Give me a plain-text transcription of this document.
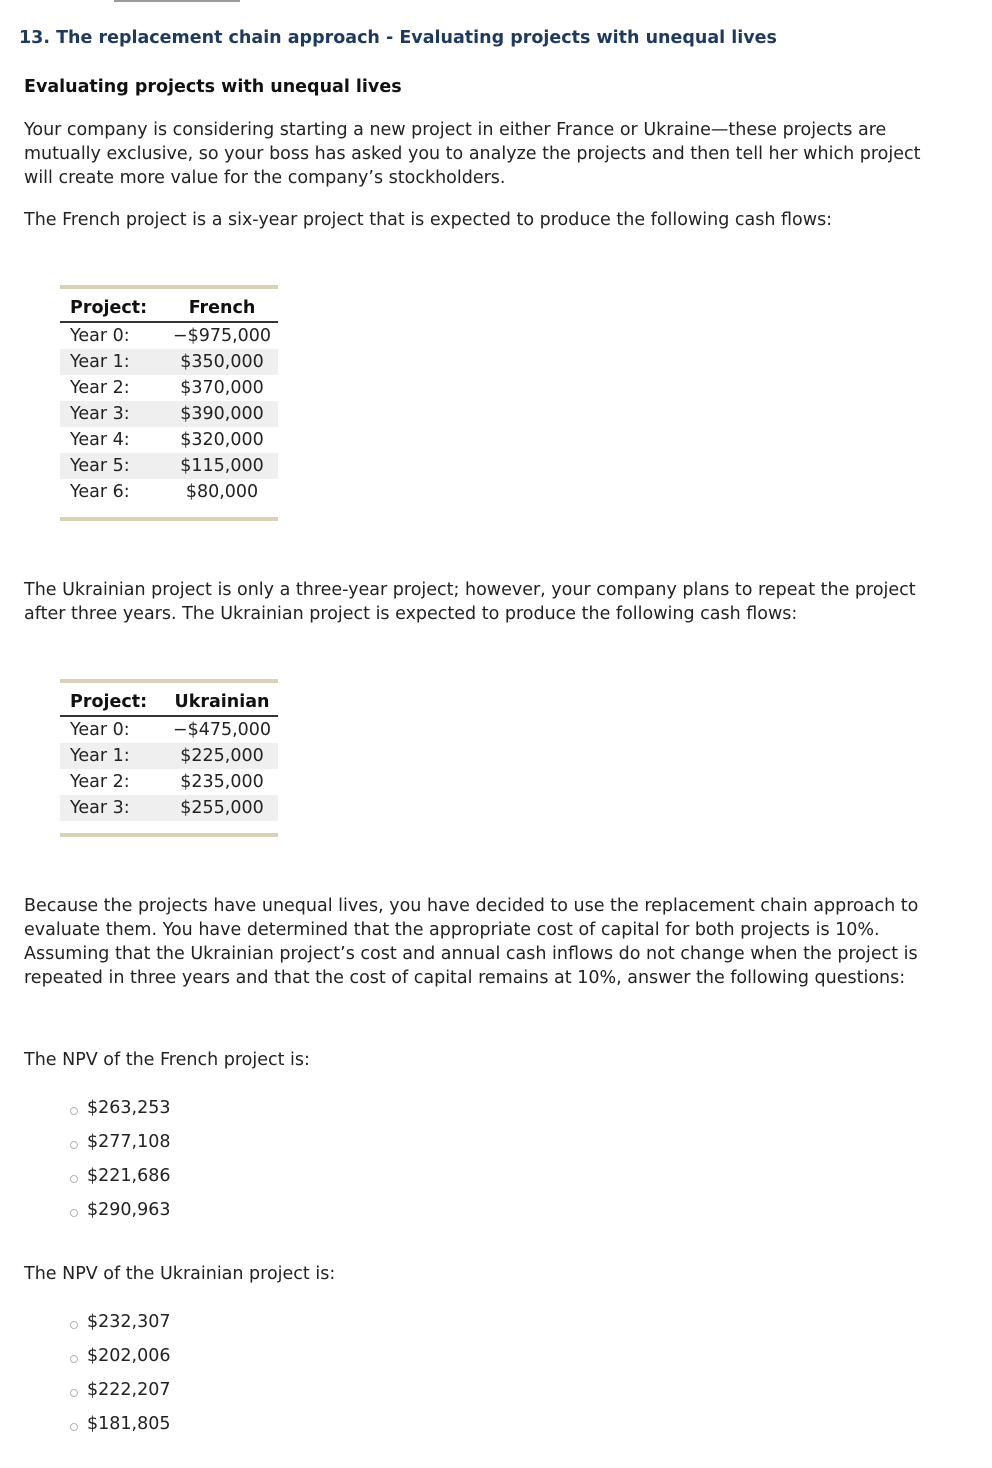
13. The replacement chain approach - Evaluating projects with unequal lives
Evaluating projects with unequal lives

Your company is considering starting a new project in either France or Ukraine—these projects are mutually exclusive, so your boss has asked you to analyze the projects and then tell her which project will create more value for the company’s stockholders.

The French project is a six-year project that is expected to produce the following cash flows:

Project:	French
Year 0:	−$975,000
Year 1:	$350,000
Year 2:	$370,000
Year 3:	$390,000
Year 4:	$320,000
Year 5:	$115,000
Year 6:	$80,000

The Ukrainian project is only a three-year project; however, your company plans to repeat the project after three years. The Ukrainian project is expected to produce the following cash flows:

Project:	Ukrainian
Year 0:	−$475,000
Year 1:	$225,000
Year 2:	$235,000
Year 3:	$255,000

Because the projects have unequal lives, you have decided to use the replacement chain approach to evaluate them. You have determined that the appropriate cost of capital for both projects is 10%. Assuming that the Ukrainian project’s cost and annual cash inflows do not change when the project is repeated in three years and that the cost of capital remains at 10%, answer the following questions:

The NPV of the French project is:

$263,253
$277,108
$221,686
$290,963

The NPV of the Ukrainian project is:

$232,307
$202,006
$222,207
$181,805
